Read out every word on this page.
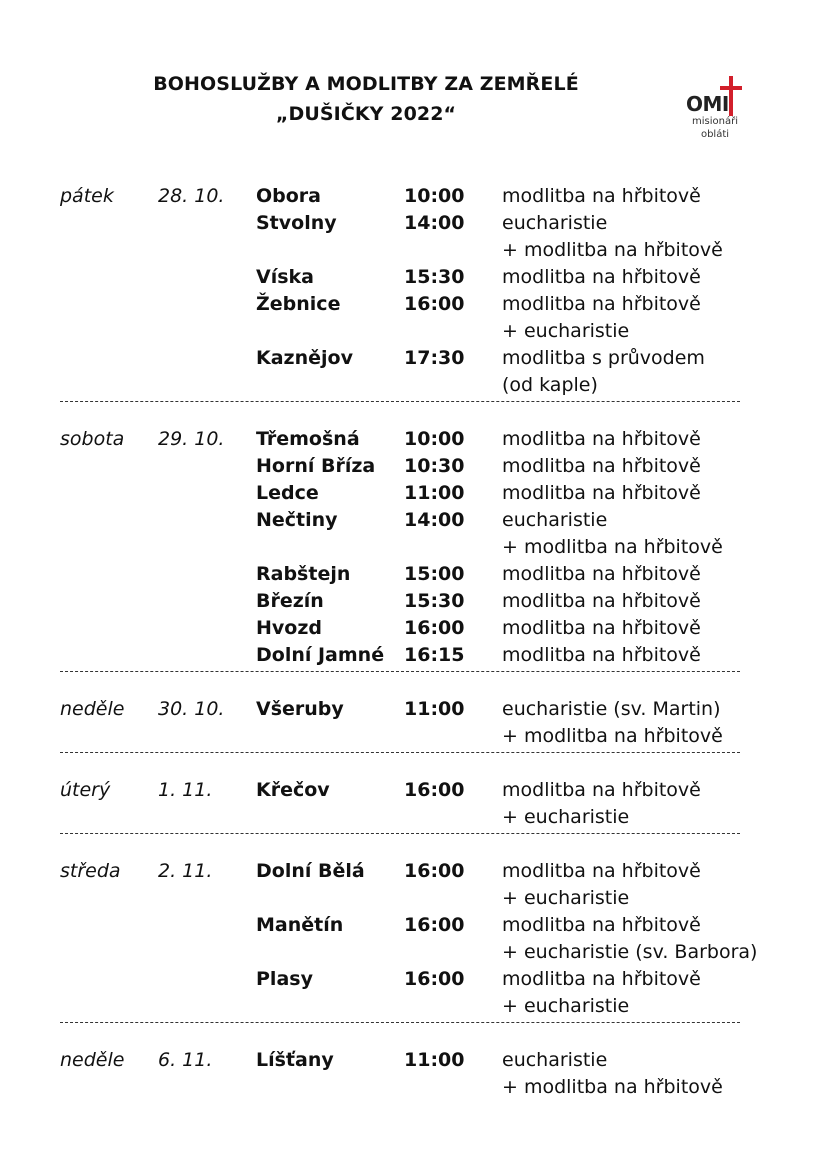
BOHOSLUŽBY A MODLITBY ZA ZEMŘELÉ
„DUŠIČKY 2022“	OMI
misionáři
obláti
pátek 28. 10. Obora	10:00 modlitba na hřbitově
Stvolny	14:00 eucharistie
+ modlitba na hřbitově
Víska	15:30 modlitba na hřbitově
Žebnice	16:00 modlitba na hřbitově
+ eucharistie
Kaznějov	17:30 modlitba s průvodem
(od kaple)
sobota 29. 10. Třemošná 10:00 modlitba na hřbitově
Horní Bříza 10:30 modlitba na hřbitově
Ledce	11:00 modlitba na hřbitově
Nečtiny	14:00 eucharistie
+ modlitba na hřbitově
Rabštejn	15:00 modlitba na hřbitově
Březín	15:30 modlitba na hřbitově
Hvozd	16:00 modlitba na hřbitově
Dolní Jamné 16:15 modlitba na hřbitově
neděle 30. 10. Všeruby	11:00 eucharistie (sv. Martin)
+ modlitba na hřbitově
úterý	1. 11. Křečov	16:00 modlitba na hřbitově
+ eucharistie
středa 2. 11. Dolní Bělá 16:00 modlitba na hřbitově
+ eucharistie
Manětín	16:00 modlitba na hřbitově
+ eucharistie (sv. Barbora)
Plasy	16:00 modlitba na hřbitově
+ eucharistie
neděle 6. 11. Líšťany	11:00 eucharistie
+ modlitba na hřbitově
